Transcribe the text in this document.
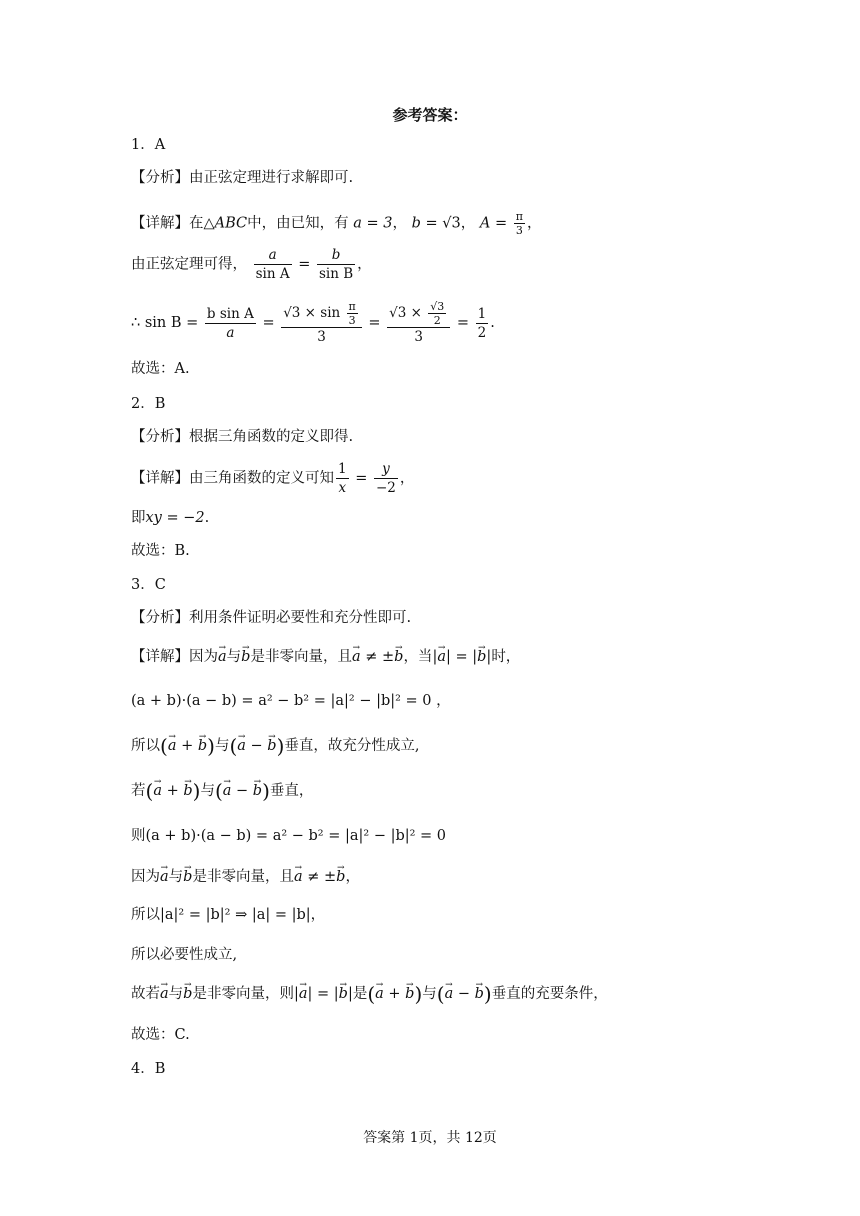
参考答案：
1．A
【分析】由正弦定理进行求解即可.
【详解】在△ABC中，由已知，有 a = 3， b = √3， $A = \frac{\pi}{3}$ ，
由正弦定理可得， $\frac{a}{\text{sin A}} = \frac{b}{\text{sin B}}$ ，
∴ $\sin B = \frac{\text{b sin A}}{a} = \frac{√3 \times \sin \frac{\pi}{3}}{3} = \frac{√3 \times \frac{√3}{2}}{3} = \frac{1}{2}$ .
故选：A.
2．B
【分析】根据三角函数的定义即得.
【详解】由三角函数的定义可知 $\frac{1}{x} = \frac{y}{-2}$ ，
即xy = −2.
故选：B.
3．C
【分析】利用条件证明必要性和充分性即可.
【详解】因为→ a与→ b是非零向量，且→ a ≠ ±→ b，当|→ a| = |→ b|时，
(a + b)·(a − b) = a² − b² = |a|² − |b|² = 0 ，
所以(→ a + → b)与(→ a − → b)垂直，故充分性成立,
若(→ a + → b)与(→ a − → b)垂直，
则(a + b)·(a − b) = a² − b² = |a|² − |b|² = 0
因为→ a与→ b是非零向量，且→ a ≠ ±→ b，
所以|a|² = |b|² ⇒ |a| = |b|，
所以必要性成立,
故若→ a与→ b是非零向量，则|→ a| = |→ b|是(→ a + → b)与(→ a − → b)垂直的充要条件，
故选：C.
4．B
答案第 1页，共 12页
